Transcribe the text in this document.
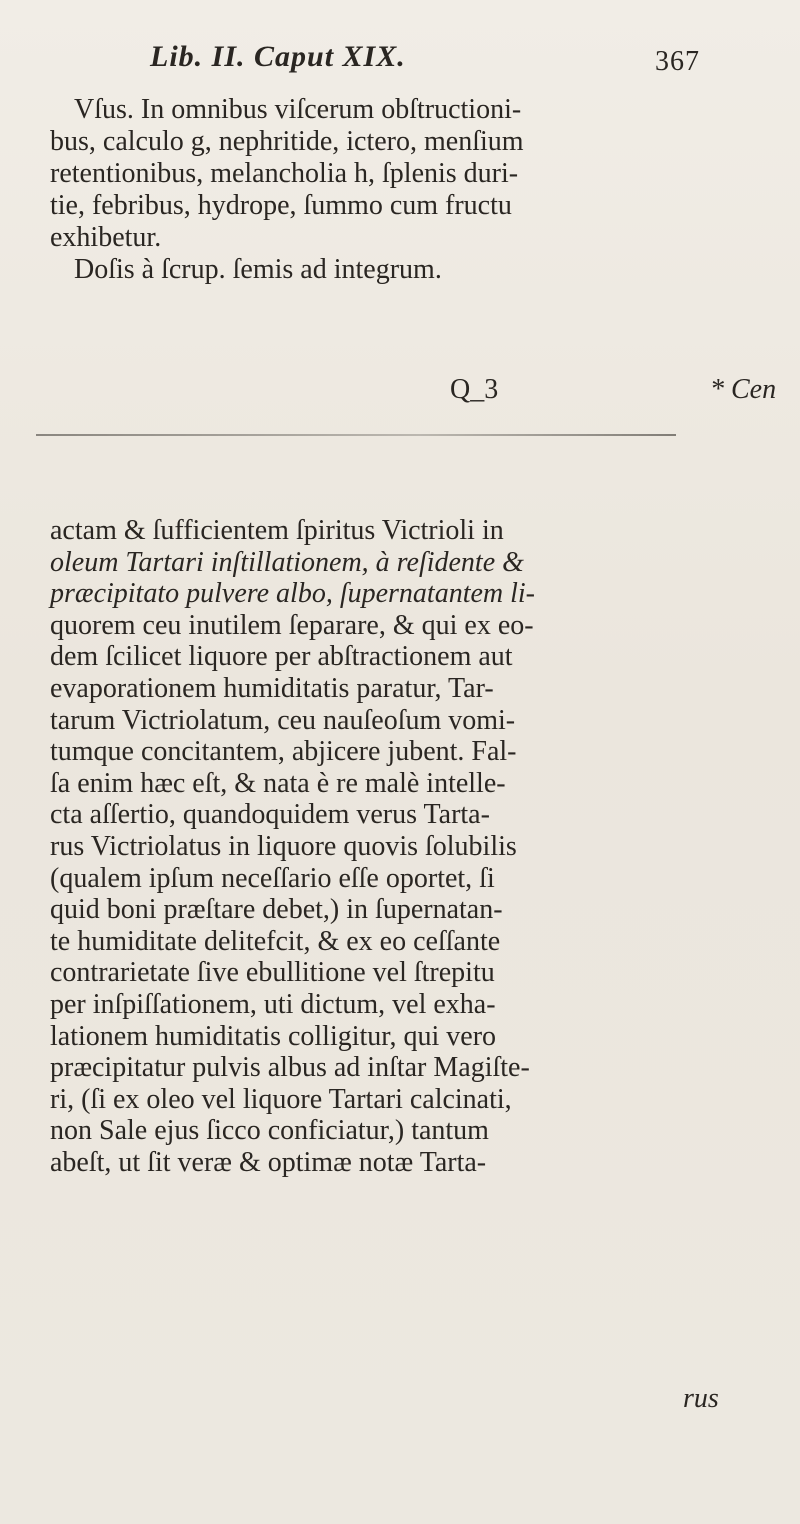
Lib. II. Caput XIX.	367
Vſus. In omnibus viſcerum obſtructioni-
bus, calculo g, nephritide, ictero, menſium
retentionibus, melancholia h, ſplenis duri-
tie, febribus, hydrope, ſummo cum fructu
exhibetur.
Doſis à ſcrup. ſemis ad integrum.
Q_3	* Cen
actam & ſufficientem ſpiritus Victrioli in
oleum Tartari inſtillationem, à reſidente &
præcipitato pulvere albo, ſupernatantem li-
quorem ceu inutilem ſeparare, & qui ex eo-
dem ſcilicet liquore per abſtractionem aut
evaporationem humiditatis paratur, Tar-
tarum Victriolatum, ceu nauſeoſum vomi-
tumque concitantem, abjicere jubent. Fal-
ſa enim hæc eſt, & nata è re malè intelle-
cta aſſertio, quandoquidem verus Tarta-
rus Victriolatus in liquore quovis ſolubilis
(qualem ipſum neceſſario eſſe oportet, ſi
quid boni præſtare debet,) in ſupernatan-
te humiditate delitefcit, & ex eo ceſſante
contrarietate ſive ebullitione vel ſtrepitu
per inſpiſſationem, uti dictum, vel exha-
lationem humiditatis colligitur, qui vero
præcipitatur pulvis albus ad inſtar Magiſte-
ri, (ſi ex oleo vel liquore Tartari calcinati,
non Sale ejus ſicco conficiatur,) tantum
abeſt, ut ſit veræ & optimæ notæ Tarta-
rus
